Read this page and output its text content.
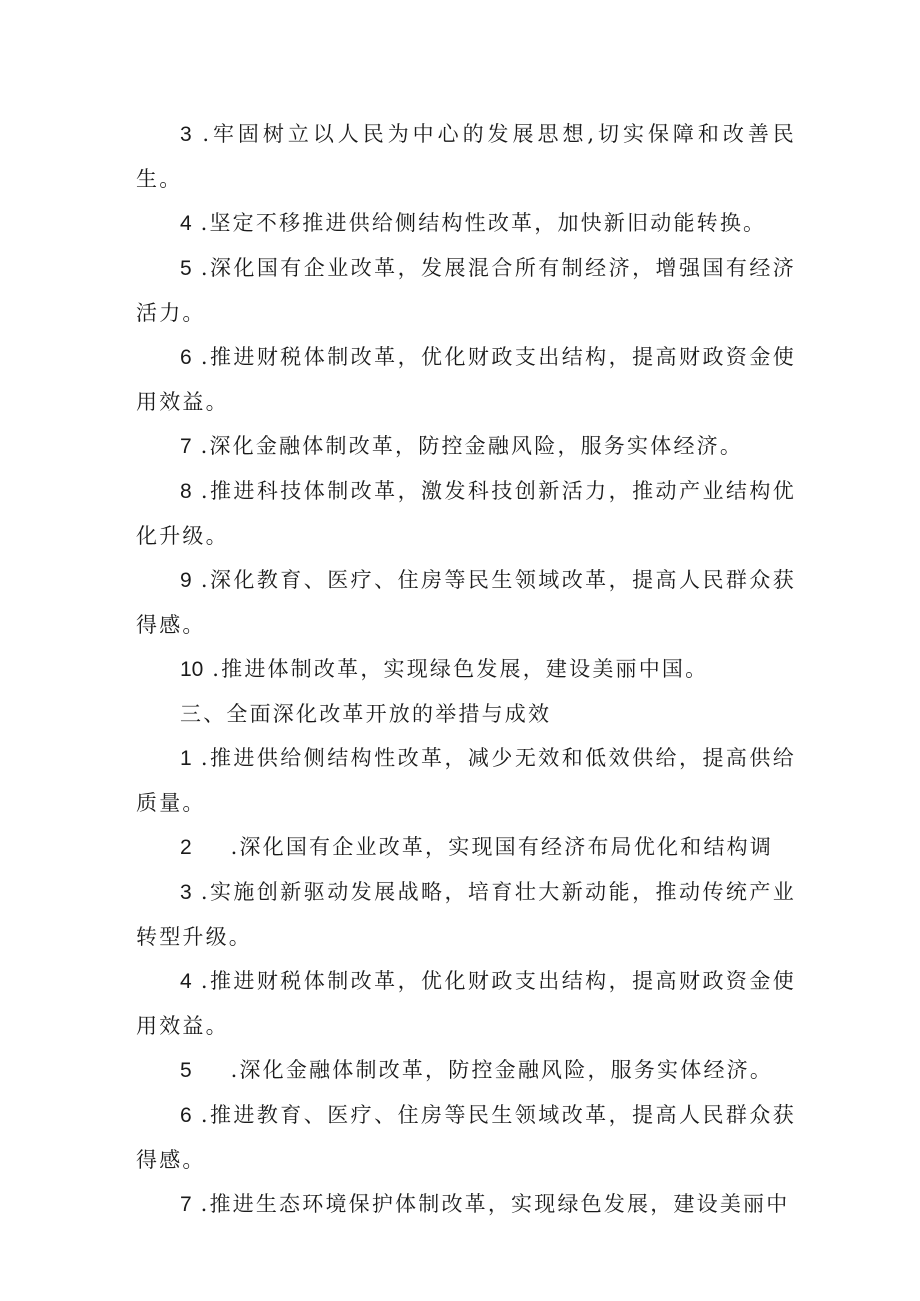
3 .牢固树立以人民为中心的发展思想,切实保障和改善民生。

4 .坚定不移推进供给侧结构性改革，加快新旧动能转换。

5 .深化国有企业改革，发展混合所有制经济，增强国有经济活力。

6 .推进财税体制改革，优化财政支出结构，提高财政资金使用效益。

7 .深化金融体制改革，防控金融风险，服务实体经济。

8 .推进科技体制改革，激发科技创新活力，推动产业结构优化升级。

9 .深化教育、医疗、住房等民生领域改革，提高人民群众获得感。

10 .推进体制改革，实现绿色发展，建设美丽中国。

三、全面深化改革开放的举措与成效

1 .推进供给侧结构性改革，减少无效和低效供给，提高供给质量。

2 .深化国有企业改革，实现国有经济布局优化和结构调

3 .实施创新驱动发展战略，培育壮大新动能，推动传统产业转型升级。

4 .推进财税体制改革，优化财政支出结构，提高财政资金使用效益。

5 .深化金融体制改革，防控金融风险，服务实体经济。

6 .推进教育、医疗、住房等民生领域改革，提高人民群众获得感。

7 .推进生态环境保护体制改革，实现绿色发展，建设美丽中
